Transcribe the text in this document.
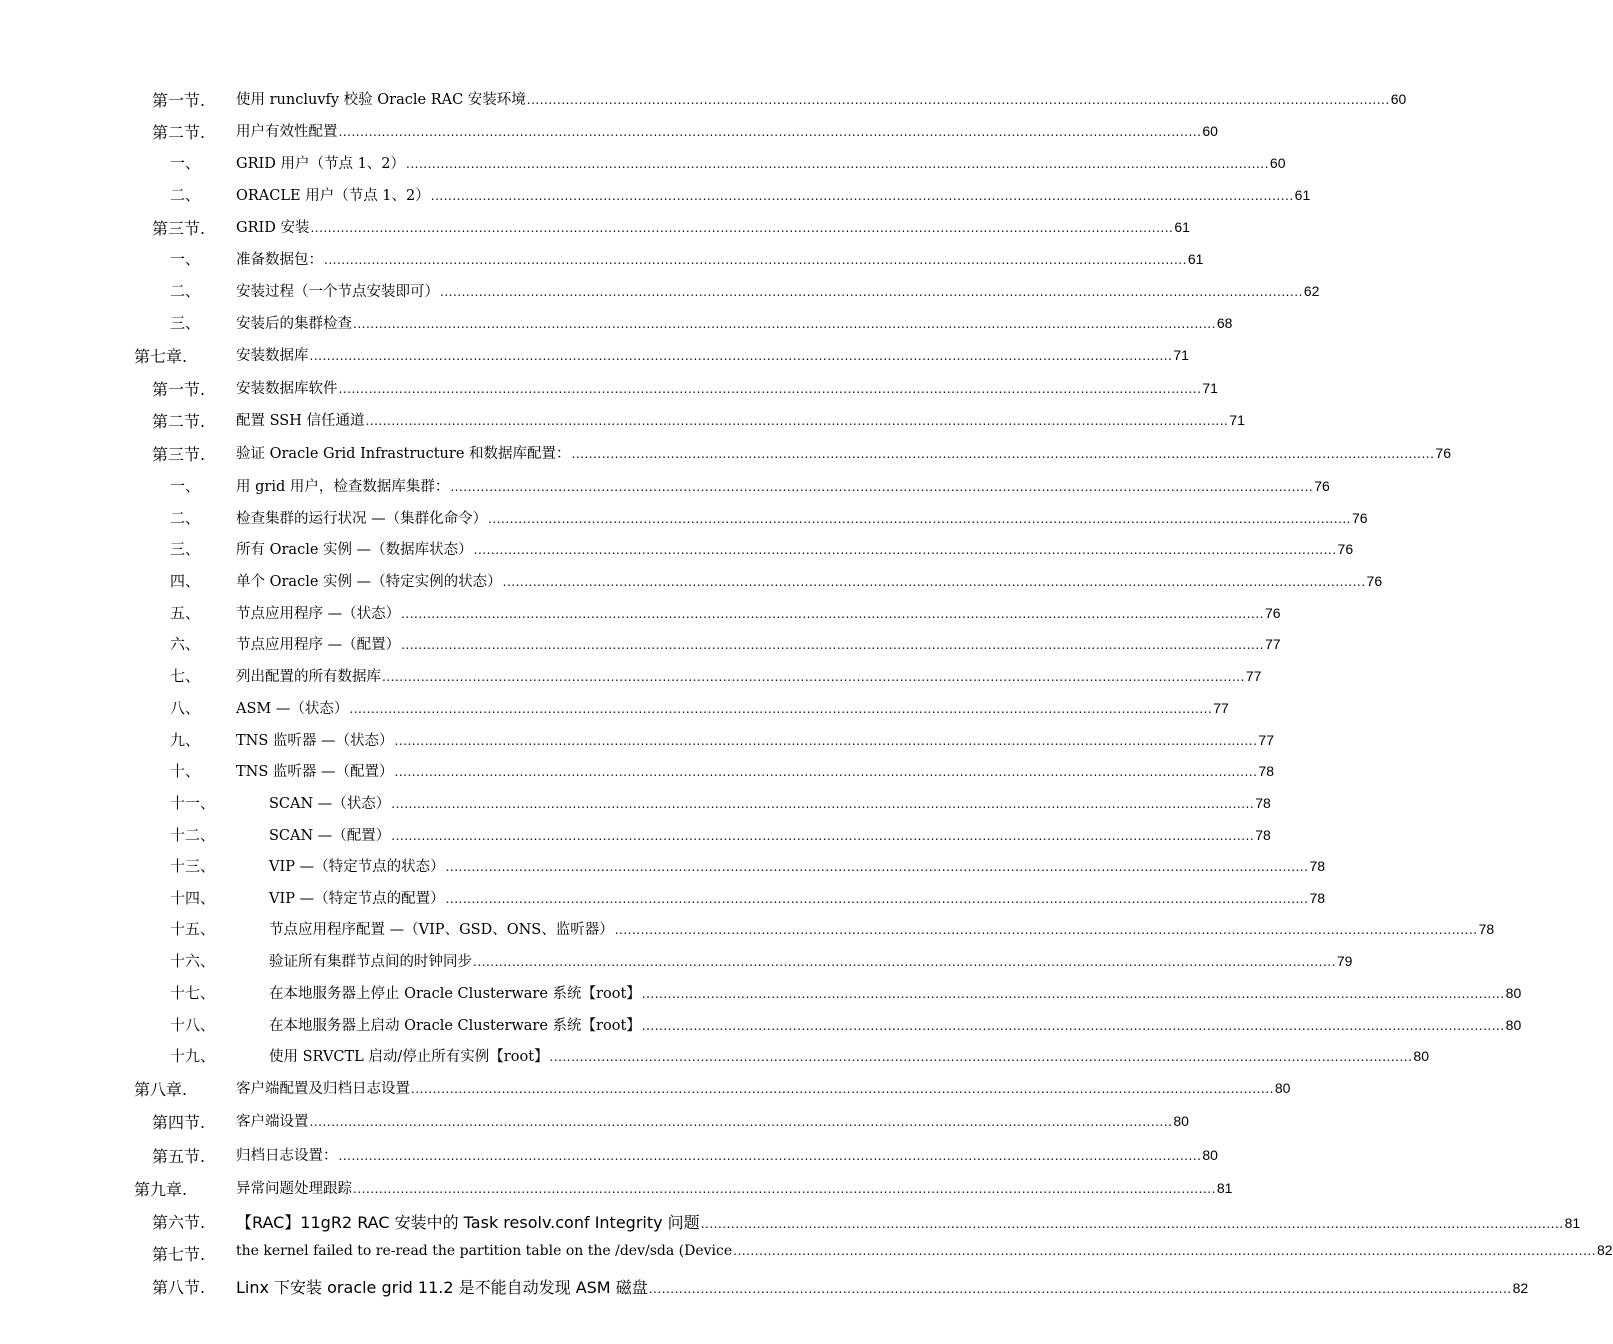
第一节. 使用 runcluvfy 校验 Oracle RAC 安装环境 ........................................................................................................................................................................................................ 60
第二节. 用户有效性配置 ........................................................................................................................................................................................................ 60
一、 GRID 用户（节点 1、2） ........................................................................................................................................................................................................ 60
二、 ORACLE 用户（节点 1、2） ........................................................................................................................................................................................................ 61
第三节. GRID 安装 ........................................................................................................................................................................................................ 61
一、 准备数据包： ........................................................................................................................................................................................................ 61
二、 安装过程（一个节点安装即可） ........................................................................................................................................................................................................ 62
三、 安装后的集群检查 ........................................................................................................................................................................................................ 68
第七章.	安装数据库 ........................................................................................................................................................................................................ 71
第一节. 安装数据库软件 ........................................................................................................................................................................................................ 71
第二节. 配置 SSH 信任通道 ........................................................................................................................................................................................................ 71
第三节. 验证 Oracle Grid Infrastructure 和数据库配置： ........................................................................................................................................................................................................ 76
一、 用 grid 用户，检查数据库集群： ........................................................................................................................................................................................................ 76
二、 检查集群的运行状况 —（集群化命令） ........................................................................................................................................................................................................ 76
三、 所有 Oracle 实例 —（数据库状态） ........................................................................................................................................................................................................ 76
四、 单个 Oracle 实例 —（特定实例的状态） ........................................................................................................................................................................................................ 76
五、 节点应用程序 —（状态） ........................................................................................................................................................................................................ 76
六、 节点应用程序 —（配置） ........................................................................................................................................................................................................ 77
七、 列出配置的所有数据库 ........................................................................................................................................................................................................ 77
八、 ASM —（状态） ........................................................................................................................................................................................................ 77
九、 TNS 监听器 —（状态） ........................................................................................................................................................................................................ 77
十、 TNS 监听器 —（配置） ........................................................................................................................................................................................................ 78
十一、	SCAN —（状态） ........................................................................................................................................................................................................ 78
十二、	SCAN —（配置） ........................................................................................................................................................................................................ 78
十三、	VIP —（特定节点的状态） ........................................................................................................................................................................................................ 78
十四、	VIP —（特定节点的配置） ........................................................................................................................................................................................................ 78
十五、	节点应用程序配置 —（VIP、GSD、ONS、监听器） ........................................................................................................................................................................................................ 78
十六、	验证所有集群节点间的时钟同步 ........................................................................................................................................................................................................ 79
十七、	在本地服务器上停止 Oracle Clusterware 系统【root】 ........................................................................................................................................................................................................ 80
十八、	在本地服务器上启动 Oracle Clusterware 系统【root】 ........................................................................................................................................................................................................ 80
十九、	使用 SRVCTL 启动/停止所有实例【root】 ........................................................................................................................................................................................................ 80
第八章.	客户端配置及归档日志设置 ........................................................................................................................................................................................................ 80
第四节. 客户端设置 ........................................................................................................................................................................................................ 80
第五节. 归档日志设置： ........................................................................................................................................................................................................ 80
第九章.	异常问题处理跟踪 ........................................................................................................................................................................................................ 81
第六节. 【RAC】11gR2 RAC 安装中的 Task resolv.conf Integrity 问题 ........................................................................................................................................................................................................ 81
第七节. the kernel failed to re-read the partition table on the /dev/sda (Device ........................................................................................................................................................................................................ 82
第八节. Linx 下安装 oracle grid 11.2 是不能自动发现 ASM 磁盘 ........................................................................................................................................................................................................ 82
